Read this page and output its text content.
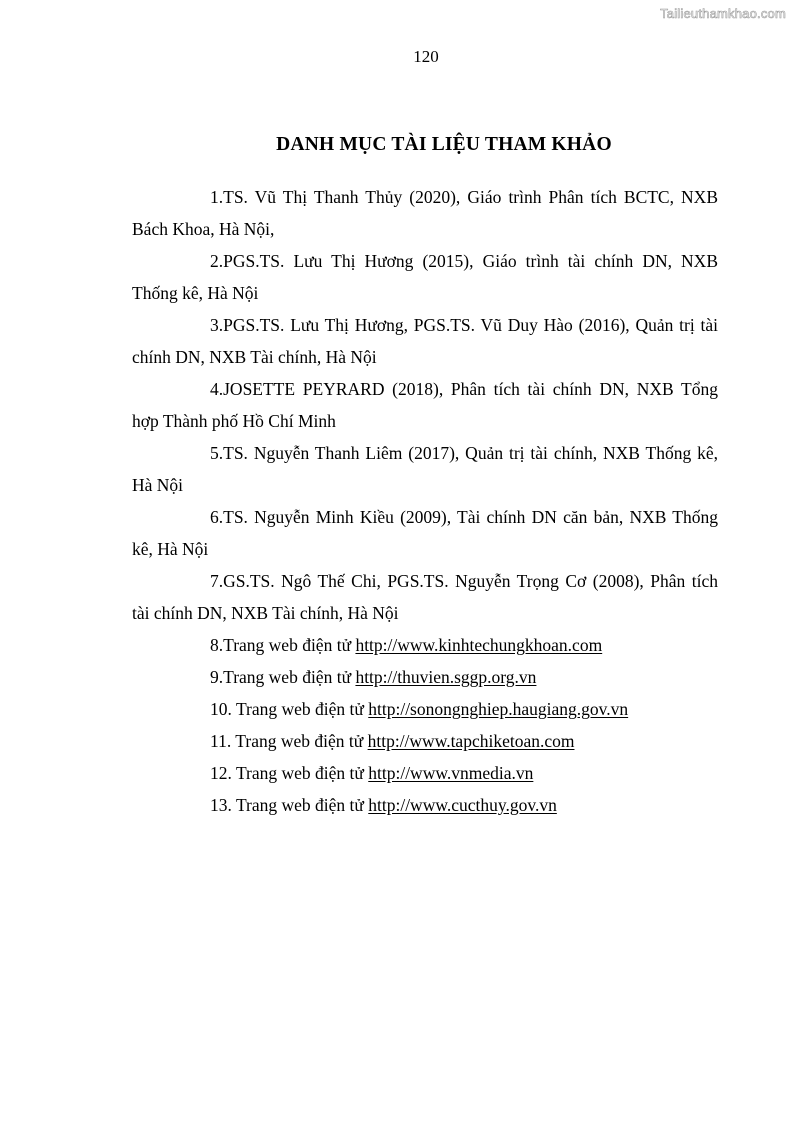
Tailieuthamkhao.com
120
DANH MỤC TÀI LIỆU THAM KHẢO

1.TS. Vũ Thị Thanh Thủy (2020), Giáo trình Phân tích BCTC, NXB Bách Khoa, Hà Nội,

2.PGS.TS. Lưu Thị Hương (2015), Giáo trình tài chính DN, NXB Thống kê, Hà Nội

3.PGS.TS. Lưu Thị Hương, PGS.TS. Vũ Duy Hào (2016), Quản trị tài chính DN, NXB Tài chính, Hà Nội

4.JOSETTE PEYRARD (2018), Phân tích tài chính DN, NXB Tổng hợp Thành phố Hồ Chí Minh

5.TS. Nguyễn Thanh Liêm (2017), Quản trị tài chính, NXB Thống kê, Hà Nội

6.TS. Nguyễn Minh Kiều (2009), Tài chính DN căn bản, NXB Thống kê, Hà Nội

7.GS.TS. Ngô Thế Chi, PGS.TS. Nguyễn Trọng Cơ (2008), Phân tích tài chính DN, NXB Tài chính, Hà Nội

8.Trang web điện tử http://www.kinhtechungkhoan.com

9.Trang web điện tử http://thuvien.sggp.org.vn

10. Trang web điện tử http://sonongnghiep.haugiang.gov.vn

11. Trang web điện tử http://www.tapchiketoan.com

12. Trang web điện tử http://www.vnmedia.vn

13. Trang web điện tử http://www.cucthuy.gov.vn
